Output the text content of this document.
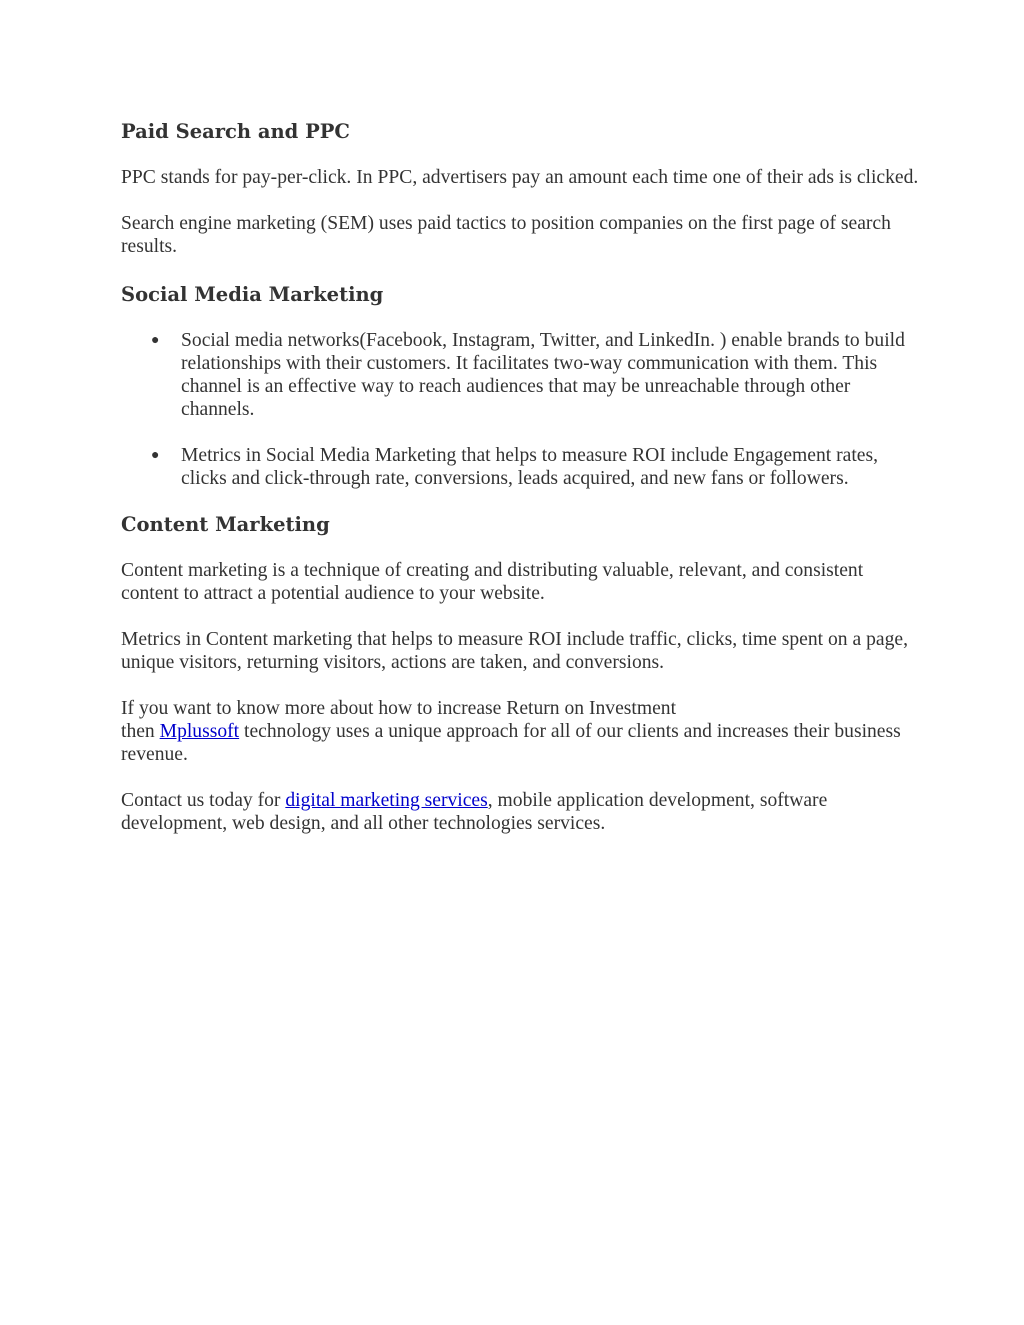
Paid Search and PPC

PPC stands for pay-per-click. In PPC, advertisers pay an amount each time one of their ads is clicked.

Search engine marketing (SEM) uses paid tactics to position companies on the first page of search results.

Social Media Marketing
● Social media networks(Facebook, Instagram, Twitter, and LinkedIn. ) enable brands to build relationships with their customers. It facilitates two-way communication with them. This channel is an effective way to reach audiences that may be unreachable through other channels.
● Metrics in Social Media Marketing that helps to measure ROI include Engagement rates, clicks and click-through rate, conversions, leads acquired, and new fans or followers.
Content Marketing

Content marketing is a technique of creating and distributing valuable, relevant, and consistent content to attract a potential audience to your website.

Metrics in Content marketing that helps to measure ROI include traffic, clicks, time spent on a page, unique visitors, returning visitors, actions are taken, and conversions.

If you want to know more about how to increase Return on Investment
then Mplussoft technology uses a unique approach for all of our clients and increases their business revenue.

Contact us today for digital marketing services, mobile application development, software development, web design, and all other technologies services.
